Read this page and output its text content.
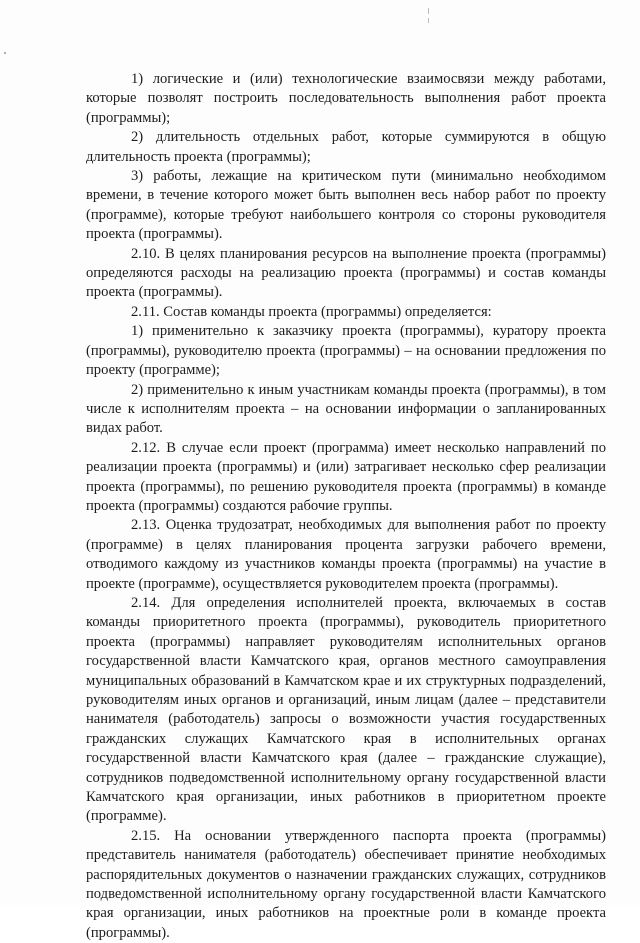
1) логические и (или) технологические взаимосвязи между работами, которые позволят построить последовательность выполнения работ проекта (программы);

2) длительность отдельных работ, которые суммируются в общую длительность проекта (программы);

3) работы, лежащие на критическом пути (минимально необходимом времени, в течение которого может быть выполнен весь набор работ по проекту (программе), которые требуют наибольшего контроля со стороны руководителя проекта (программы).

2.10. В целях планирования ресурсов на выполнение проекта (программы) определяются расходы на реализацию проекта (программы) и состав команды проекта (программы).

2.11. Состав команды проекта (программы) определяется:

1) применительно к заказчику проекта (программы), куратору проекта (программы), руководителю проекта (программы) – на основании предложения по проекту (программе);

2) применительно к иным участникам команды проекта (программы), в том числе к исполнителям проекта – на основании информации о запланированных видах работ.

2.12. В случае если проект (программа) имеет несколько направлений по реализации проекта (программы) и (или) затрагивает несколько сфер реализации проекта (программы), по решению руководителя проекта (программы) в команде проекта (программы) создаются рабочие группы.

2.13. Оценка трудозатрат, необходимых для выполнения работ по проекту (программе) в целях планирования процента загрузки рабочего времени, отводимого каждому из участников команды проекта (программы) на участие в проекте (программе), осуществляется руководителем проекта (программы).

2.14. Для определения исполнителей проекта, включаемых в состав команды приоритетного проекта (программы), руководитель приоритетного проекта (программы) направляет руководителям исполнительных органов государственной власти Камчатского края, органов местного самоуправления муниципальных образований в Камчатском крае и их структурных подразделений, руководителям иных органов и организаций, иным лицам (далее – представители нанимателя (работодатель) запросы о возможности участия государственных гражданских служащих Камчатского края в исполнительных органах государственной власти Камчатского края (далее – гражданские служащие), сотрудников подведомственной исполнительному органу государственной власти Камчатского края организации, иных работников в приоритетном проекте (программе).

2.15. На основании утвержденного паспорта проекта (программы) представитель нанимателя (работодатель) обеспечивает принятие необходимых распорядительных документов о назначении гражданских служащих, сотрудников подведомственной исполнительному органу государственной власти Камчатского края организации, иных работников на проектные роли в команде проекта (программы).
